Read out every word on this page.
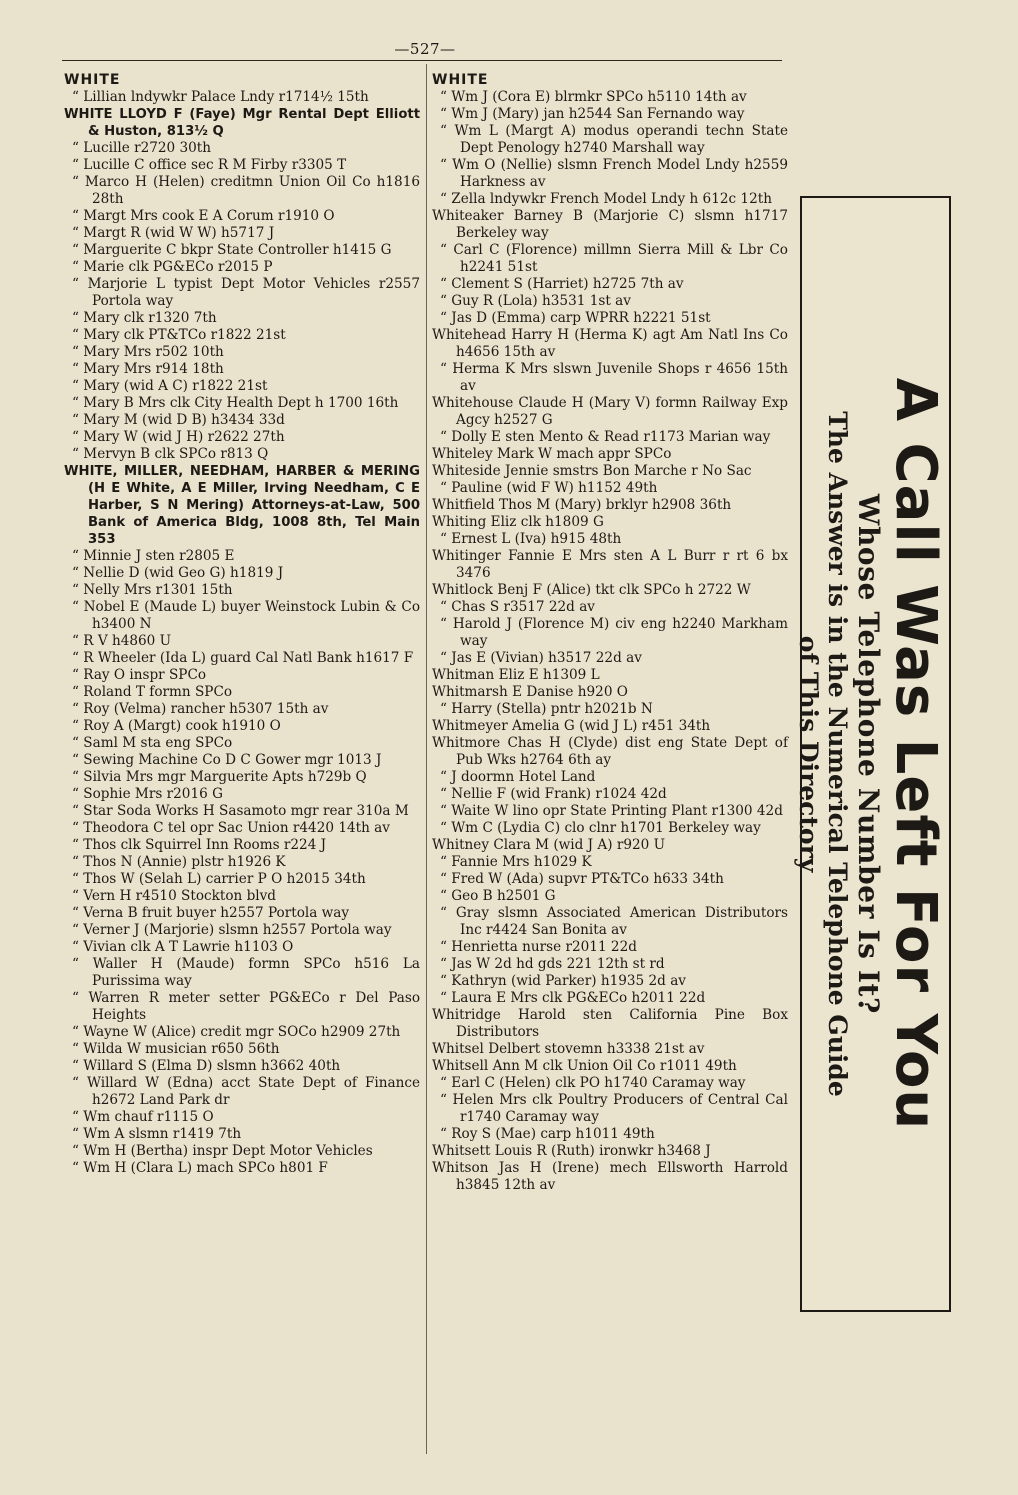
—527—
WHITE
“ Lillian lndywkr Palace Lndy r1714½ 15th
WHITE LLOYD F (Faye) Mgr Rental Dept Elliott & Huston, 813½ Q
“ Lucille r2720 30th
“ Lucille C office sec R M Firby r3305 T
“ Marco H (Helen) creditmn Union Oil Co h1816 28th
“ Margt Mrs cook E A Corum r1910 O
“ Margt R (wid W W) h5717 J
“ Marguerite C bkpr State Controller h1415 G
“ Marie clk PG&ECo r2015 P
“ Marjorie L typist Dept Motor Vehicles r2557 Portola way
“ Mary clk r1320 7th
“ Mary clk PT&TCo r1822 21st
“ Mary Mrs r502 10th
“ Mary Mrs r914 18th
“ Mary (wid A C) r1822 21st
“ Mary B Mrs clk City Health Dept h 1700 16th
“ Mary M (wid D B) h3434 33d
“ Mary W (wid J H) r2622 27th
“ Mervyn B clk SPCo r813 Q
WHITE, MILLER, NEEDHAM, HARBER & MERING (H E White, A E Miller, Irving Needham, C E Harber, S N Mering) Attorneys-at-Law, 500 Bank of America Bldg, 1008 8th, Tel Main 353
“ Minnie J sten r2805 E
“ Nellie D (wid Geo G) h1819 J
“ Nelly Mrs r1301 15th
“ Nobel E (Maude L) buyer Weinstock Lubin & Co h3400 N
“ R V h4860 U
“ R Wheeler (Ida L) guard Cal Natl Bank h1617 F
“ Ray O inspr SPCo
“ Roland T formn SPCo
“ Roy (Velma) rancher h5307 15th av
“ Roy A (Margt) cook h1910 O
“ Saml M sta eng SPCo
“ Sewing Machine Co D C Gower mgr 1013 J
“ Silvia Mrs mgr Marguerite Apts h729b Q
“ Sophie Mrs r2016 G
“ Star Soda Works H Sasamoto mgr rear 310a M
“ Theodora C tel opr Sac Union r4420 14th av
“ Thos clk Squirrel Inn Rooms r224 J
“ Thos N (Annie) plstr h1926 K
“ Thos W (Selah L) carrier P O h2015 34th
“ Vern H r4510 Stockton blvd
“ Verna B fruit buyer h2557 Portola way
“ Verner J (Marjorie) slsmn h2557 Portola way
“ Vivian clk A T Lawrie h1103 O
“ Waller H (Maude) formn SPCo h516 La Purissima way
“ Warren R meter setter PG&ECo r Del Paso Heights
“ Wayne W (Alice) credit mgr SOCo h2909 27th
“ Wilda W musician r650 56th
“ Willard S (Elma D) slsmn h3662 40th
“ Willard W (Edna) acct State Dept of Finance h2672 Land Park dr
“ Wm chauf r1115 O
“ Wm A slsmn r1419 7th
“ Wm H (Bertha) inspr Dept Motor Vehicles
“ Wm H (Clara L) mach SPCo h801 F
WHITE
“ Wm J (Cora E) blrmkr SPCo h5110 14th av
“ Wm J (Mary) jan h2544 San Fernando way
“ Wm L (Margt A) modus operandi techn State Dept Penology h2740 Marshall way
“ Wm O (Nellie) slsmn French Model Lndy h2559 Harkness av
“ Zella lndywkr French Model Lndy h 612c 12th
Whiteaker Barney B (Marjorie C) slsmn h1717 Berkeley way
“ Carl C (Florence) millmn Sierra Mill & Lbr Co h2241 51st
“ Clement S (Harriet) h2725 7th av
“ Guy R (Lola) h3531 1st av
“ Jas D (Emma) carp WPRR h2221 51st
Whitehead Harry H (Herma K) agt Am Natl Ins Co h4656 15th av
“ Herma K Mrs slswn Juvenile Shops r 4656 15th av
Whitehouse Claude H (Mary V) formn Railway Exp Agcy h2527 G
“ Dolly E sten Mento & Read r1173 Marian way
Whiteley Mark W mach appr SPCo
Whiteside Jennie smstrs Bon Marche r No Sac
“ Pauline (wid F W) h1152 49th
Whitfield Thos M (Mary) brklyr h2908 36th
Whiting Eliz clk h1809 G
“ Ernest L (Iva) h915 48th
Whitinger Fannie E Mrs sten A L Burr r rt 6 bx 3476
Whitlock Benj F (Alice) tkt clk SPCo h 2722 W
“ Chas S r3517 22d av
“ Harold J (Florence M) civ eng h2240 Markham way
“ Jas E (Vivian) h3517 22d av
Whitman Eliz E h1309 L
Whitmarsh E Danise h920 O
“ Harry (Stella) pntr h2021b N
Whitmeyer Amelia G (wid J L) r451 34th
Whitmore Chas H (Clyde) dist eng State Dept of Pub Wks h2764 6th ay
“ J doormn Hotel Land
“ Nellie F (wid Frank) r1024 42d
“ Waite W lino opr State Printing Plant r1300 42d
“ Wm C (Lydia C) clo clnr h1701 Berkeley way
Whitney Clara M (wid J A) r920 U
“ Fannie Mrs h1029 K
“ Fred W (Ada) supvr PT&TCo h633 34th
“ Geo B h2501 G
“ Gray slsmn Associated American Distributors Inc r4424 San Bonita av
“ Henrietta nurse r2011 22d
“ Jas W 2d hd gds 221 12th st rd
“ Kathryn (wid Parker) h1935 2d av
“ Laura E Mrs clk PG&ECo h2011 22d
Whitridge Harold sten California Pine Box Distributors
Whitsel Delbert stovemn h3338 21st av
Whitsell Ann M clk Union Oil Co r1011 49th
“ Earl C (Helen) clk PO h1740 Caramay way
“ Helen Mrs clk Poultry Producers of Central Cal r1740 Caramay way
“ Roy S (Mae) carp h1011 49th
Whitsett Louis R (Ruth) ironwkr h3468 J
Whitson Jas H (Irene) mech Ellsworth Harrold h3845 12th av
A Call Was Left For You
Whose Telephone Number Is It?
The Answer is in the Numerical Telephone Guide
of This Directory
